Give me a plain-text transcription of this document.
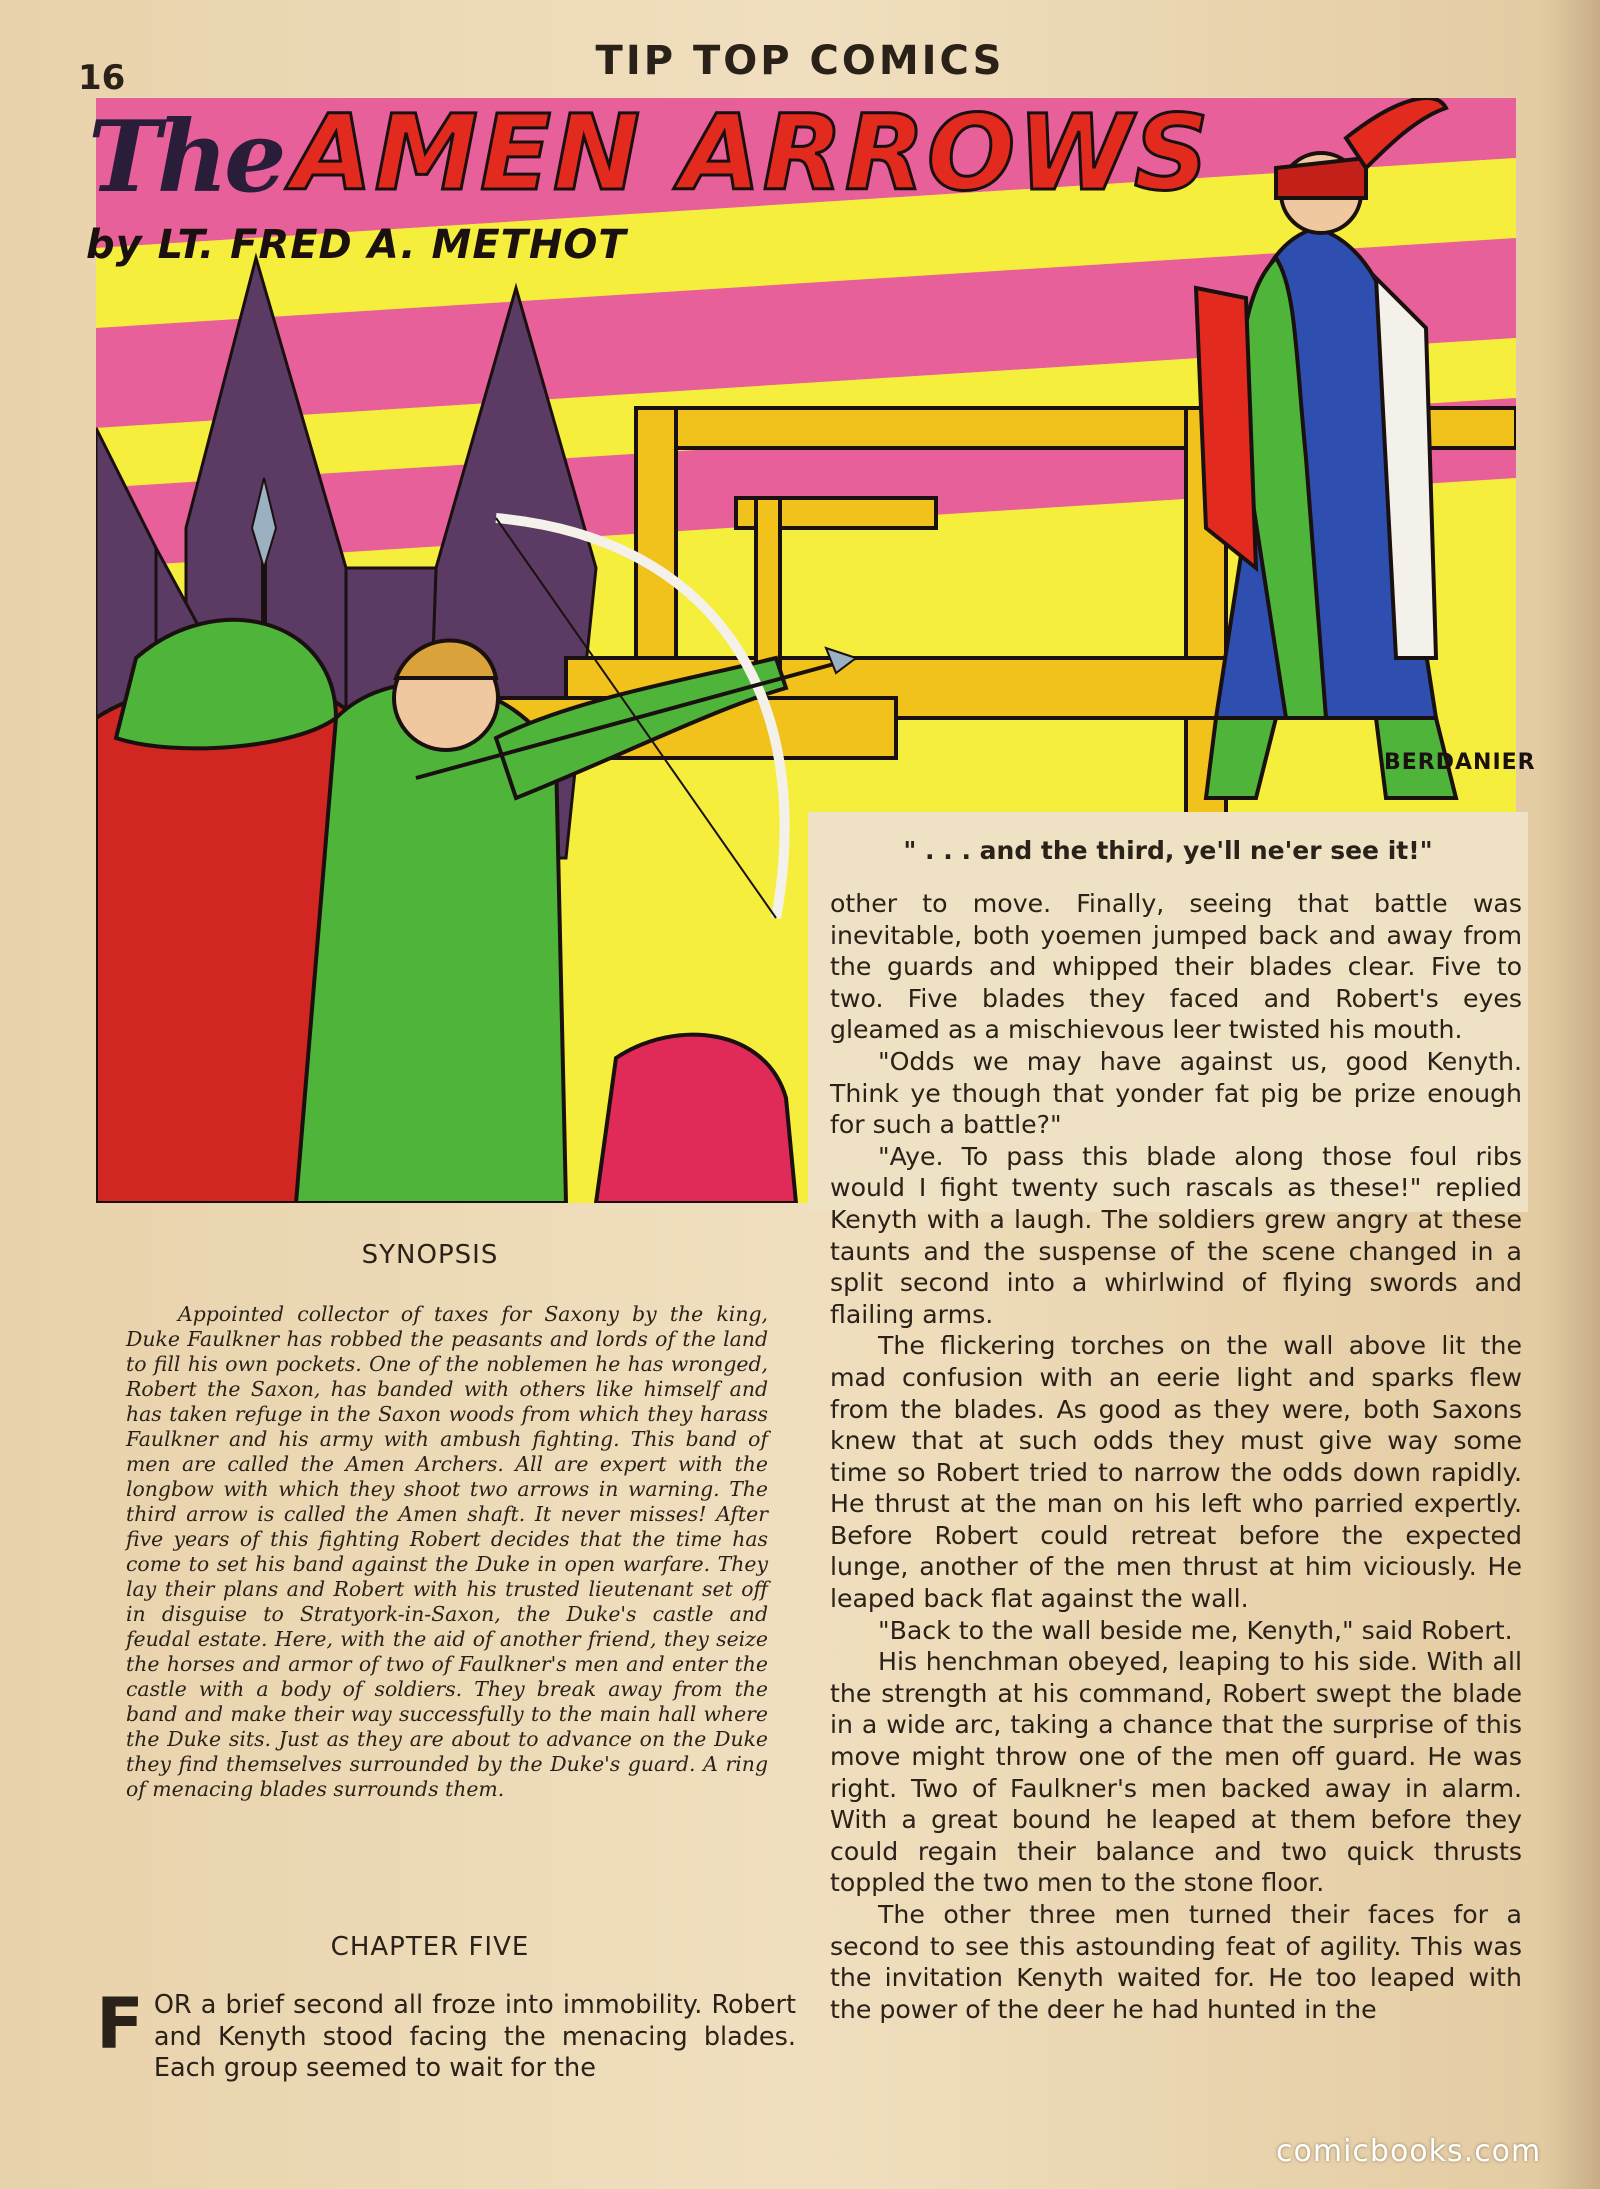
16	TIP TOP COMICS
The AMEN ARROWS
by LT. FRED A. METHOT
BERDANIER
" . . . and the third, ye'll ne'er see it!"
SYNOPSIS
Appointed collector of taxes for Saxony by the king, Duke Faulkner has robbed the peasants and lords of the land to fill his own pockets. One of the noblemen he has wronged, Robert the Saxon, has banded with others like himself and has taken refuge in the Saxon woods from which they harass Faulkner and his army with ambush fighting. This band of men are called the Amen Archers. All are expert with the longbow with which they shoot two arrows in warning. The third arrow is called the Amen shaft. It never misses! After five years of this fighting Robert decides that the time has come to set his band against the Duke in open warfare. They lay their plans and Robert with his trusted lieutenant set off in disguise to Stratyork-in-Saxon, the Duke's castle and feudal estate. Here, with the aid of another friend, they seize the horses and armor of two of Faulkner's men and enter the castle with a body of soldiers. They break away from the band and make their way successfully to the main hall where the Duke sits. Just as they are about to advance on the Duke they find themselves surrounded by the Duke's guard. A ring of menacing blades surrounds them.
CHAPTER FIVE
F OR a brief second all froze into immobility. Robert and Kenyth stood facing the menacing blades. Each group seemed to wait for the

other to move. Finally, seeing that battle was inevitable, both yoemen jumped back and away from the guards and whipped their blades clear. Five to two. Five blades they faced and Robert's eyes gleamed as a mischievous leer twisted his mouth.

"Odds we may have against us, good Kenyth. Think ye though that yonder fat pig be prize enough for such a battle?"

"Aye. To pass this blade along those foul ribs would I fight twenty such rascals as these!" replied Kenyth with a laugh. The soldiers grew angry at these taunts and the suspense of the scene changed in a split second into a whirlwind of flying swords and flailing arms.

The flickering torches on the wall above lit the mad confusion with an eerie light and sparks flew from the blades. As good as they were, both Saxons knew that at such odds they must give way some time so Robert tried to narrow the odds down rapidly. He thrust at the man on his left who parried expertly. Before Robert could retreat before the expected lunge, another of the men thrust at him viciously. He leaped back flat against the wall.

"Back to the wall beside me, Kenyth," said Robert.

His henchman obeyed, leaping to his side. With all the strength at his command, Robert swept the blade in a wide arc, taking a chance that the surprise of this move might throw one of the men off guard. He was right. Two of Faulkner's men backed away in alarm. With a great bound he leaped at them before they could regain their balance and two quick thrusts toppled the two men to the stone floor.

The other three men turned their faces for a second to see this astounding feat of agility. This was the invitation Kenyth waited for. He too leaped with the power of the deer he had hunted in the

comicbooks.com
